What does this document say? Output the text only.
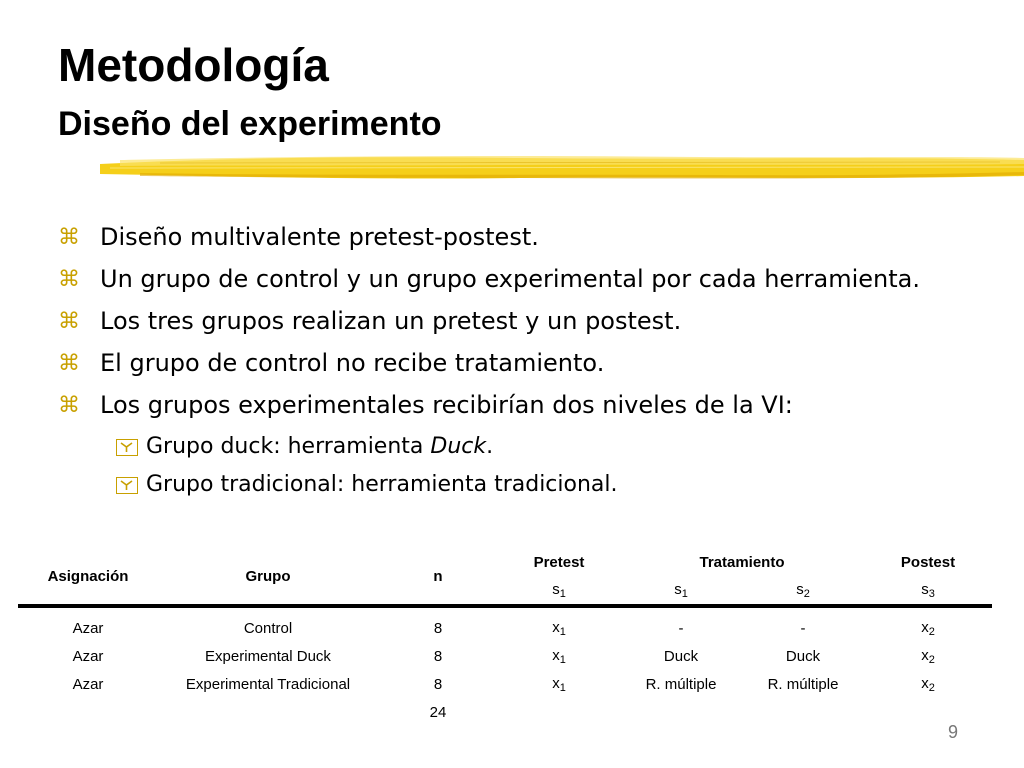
Metodología
Diseño del experimento
⌘ Diseño multivalente pretest-postest.
⌘ Un grupo de control y un grupo experimental por cada herramienta.
⌘ Los tres grupos realizan un pretest y un postest.
⌘ El grupo de control no recibe tratamiento.
⌘ Los grupos experimentales recibirían dos niveles de la VI:
Grupo duck: herramienta Duck.
Grupo tradicional: herramienta tradicional.
Asignación	Grupo	n	Pretest	Tratamiento		Postest
			$s_1$	$s_1$	$s_2$	$s_3$
Azar	Control	8	$x_1$	-	-	$x_2$
Azar	Experimental Duck	8	$x_1$	Duck	Duck	$x_2$
Azar	Experimental Tradicional	8	$x_1$	R. múltiple	R. múltiple	$x_2$
		24				
9
